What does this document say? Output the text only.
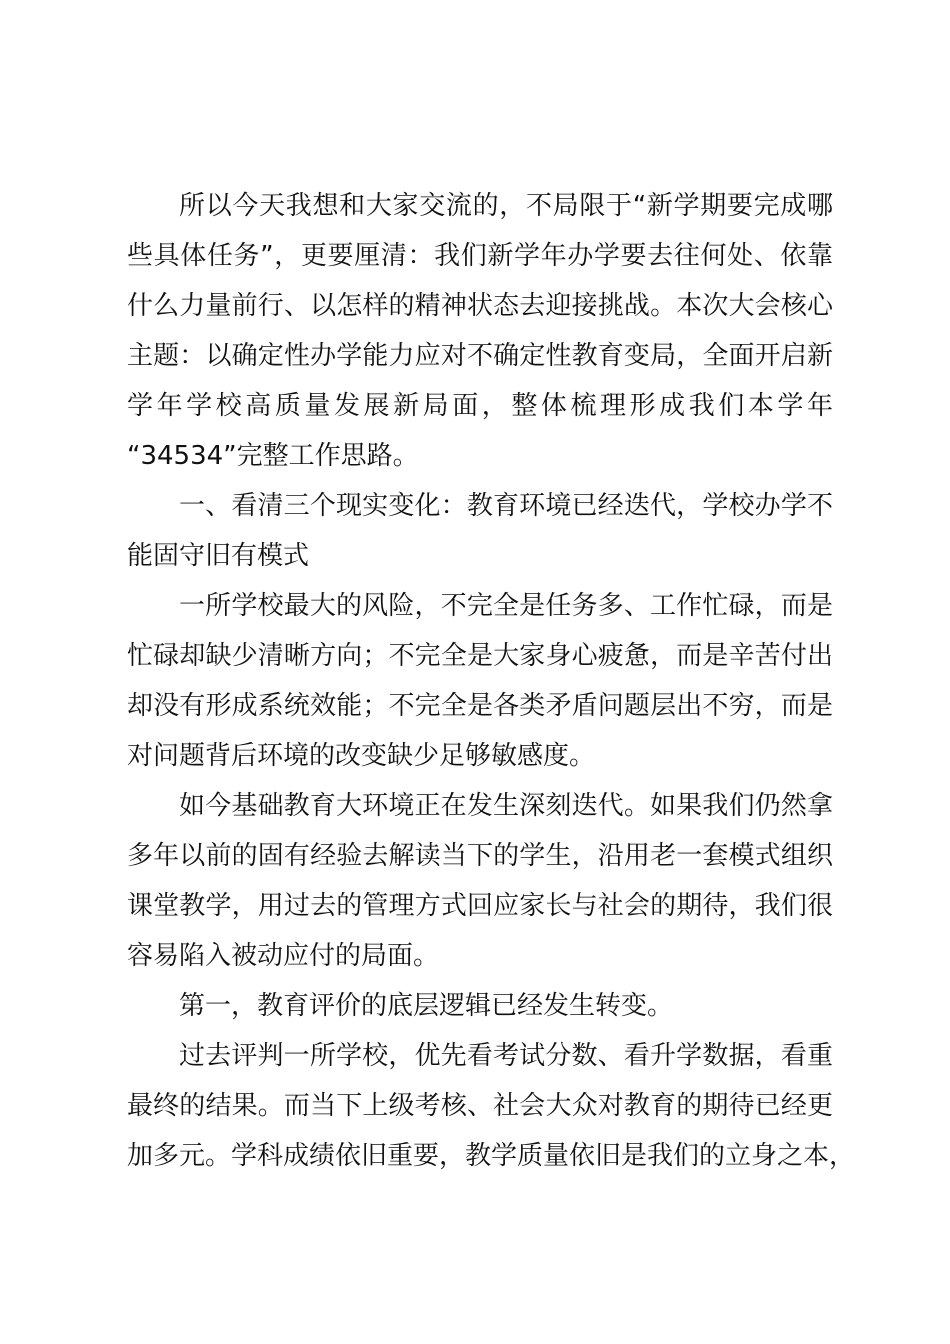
所以今天我想和大家交流的，不局限于“新学期要完成哪
些具体任务”，更要厘清：我们新学年办学要去往何处、依靠
什么力量前行、以怎样的精神状态去迎接挑战。本次大会核心
主题：以确定性办学能力应对不确定性教育变局，全面开启新
学年学校高质量发展新局面，整体梳理形成我们本学年
“34534”完整工作思路。
一、看清三个现实变化：教育环境已经迭代，学校办学不
能固守旧有模式
一所学校最大的风险，不完全是任务多、工作忙碌，而是
忙碌却缺少清晰方向；不完全是大家身心疲惫，而是辛苦付出
却没有形成系统效能；不完全是各类矛盾问题层出不穷，而是
对问题背后环境的改变缺少足够敏感度。
如今基础教育大环境正在发生深刻迭代。如果我们仍然拿
多年以前的固有经验去解读当下的学生，沿用老一套模式组织
课堂教学，用过去的管理方式回应家长与社会的期待，我们很
容易陷入被动应付的局面。
第一，教育评价的底层逻辑已经发生转变。
过去评判一所学校，优先看考试分数、看升学数据，看重
最终的结果。而当下上级考核、社会大众对教育的期待已经更
加多元。学科成绩依旧重要，教学质量依旧是我们的立身之本，
